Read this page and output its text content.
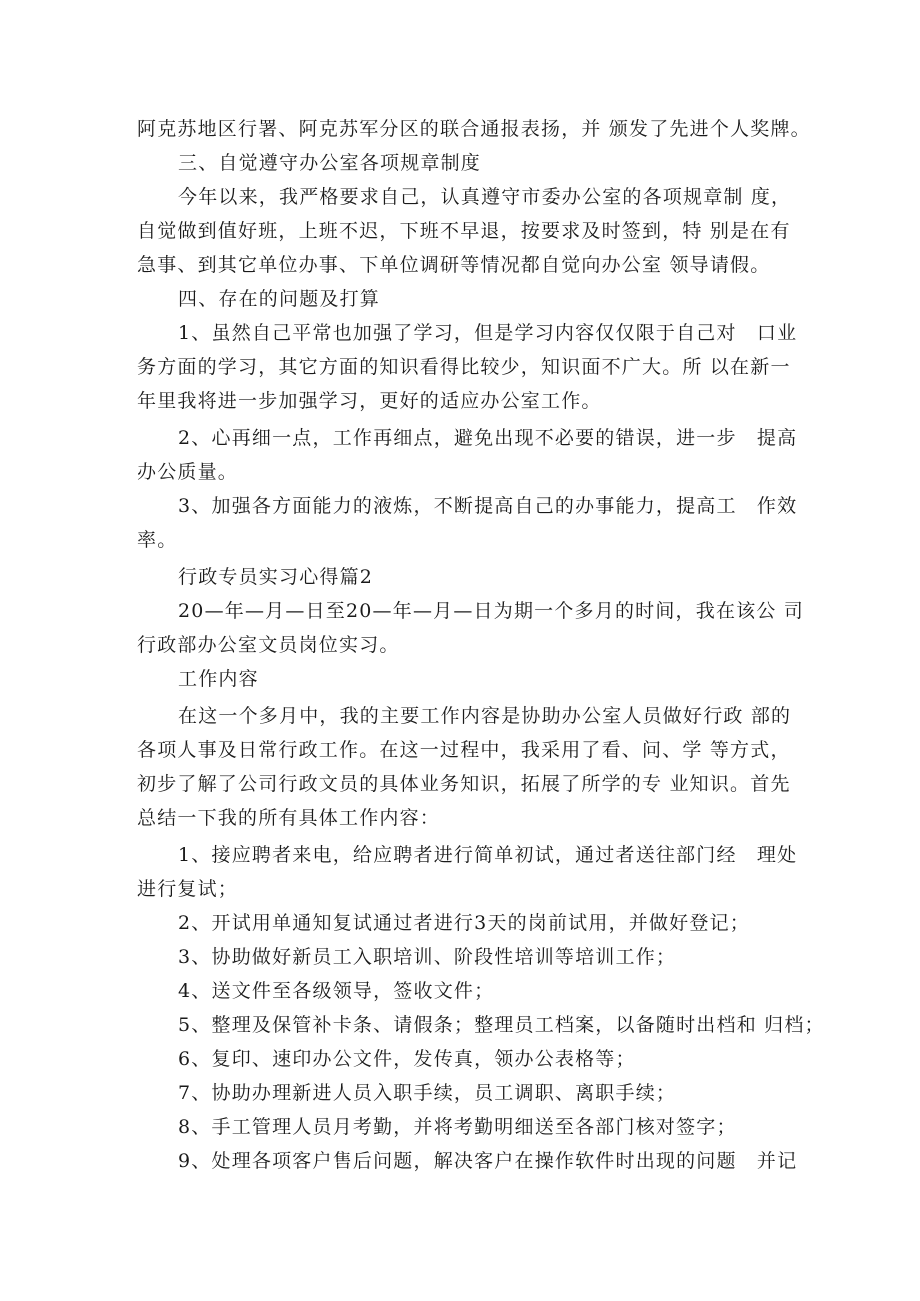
阿克苏地区行署、阿克苏军分区的联合通报表扬，并 颁发了先进个人奖牌。
三、自觉遵守办公室各项规章制度
今年以来，我严格要求自己，认真遵守市委办公室的各项规章制 度，
自觉做到值好班，上班不迟，下班不早退，按要求及时签到，特 别是在有
急事、到其它单位办事、下单位调研等情况都自觉向办公室 领导请假。
四、存在的问题及打算
1、虽然自己平常也加强了学习，但是学习内容仅仅限于自己对　口业
务方面的学习，其它方面的知识看得比较少，知识面不广大。所 以在新一
年里我将进一步加强学习，更好的适应办公室工作。
2、心再细一点，工作再细点，避免出现不必要的错误，进一步　提高
办公质量。
3、加强各方面能力的液炼，不断提高自己的办事能力，提高工　作效
率。
行政专员实习心得篇2
20—年—月—日至20—年—月—日为期一个多月的时间，我在该公 司
行政部办公室文员岗位实习。
工作内容
在这一个多月中，我的主要工作内容是协助办公室人员做好行政 部的
各项人事及日常行政工作。在这一过程中，我采用了看、问、学 等方式，
初步了解了公司行政文员的具体业务知识，拓展了所学的专 业知识。首先
总结一下我的所有具体工作内容：
1、接应聘者来电，给应聘者进行简单初试，通过者送往部门经　理处
进行复试；
2、开试用单通知复试通过者进行3天的岗前试用，并做好登记；
3、协助做好新员工入职培训、阶段性培训等培训工作；
4、送文件至各级领导，签收文件；
5、整理及保管补卡条、请假条；整理员工档案，以备随时出档和 归档；
6、复印、速印办公文件，发传真，领办公表格等；
7、协助办理新进人员入职手续，员工调职、离职手续；
8、手工管理人员月考勤，并将考勤明细送至各部门核对签字；
9、处理各项客户售后问题，解决客户在操作软件时出现的问题　并记
